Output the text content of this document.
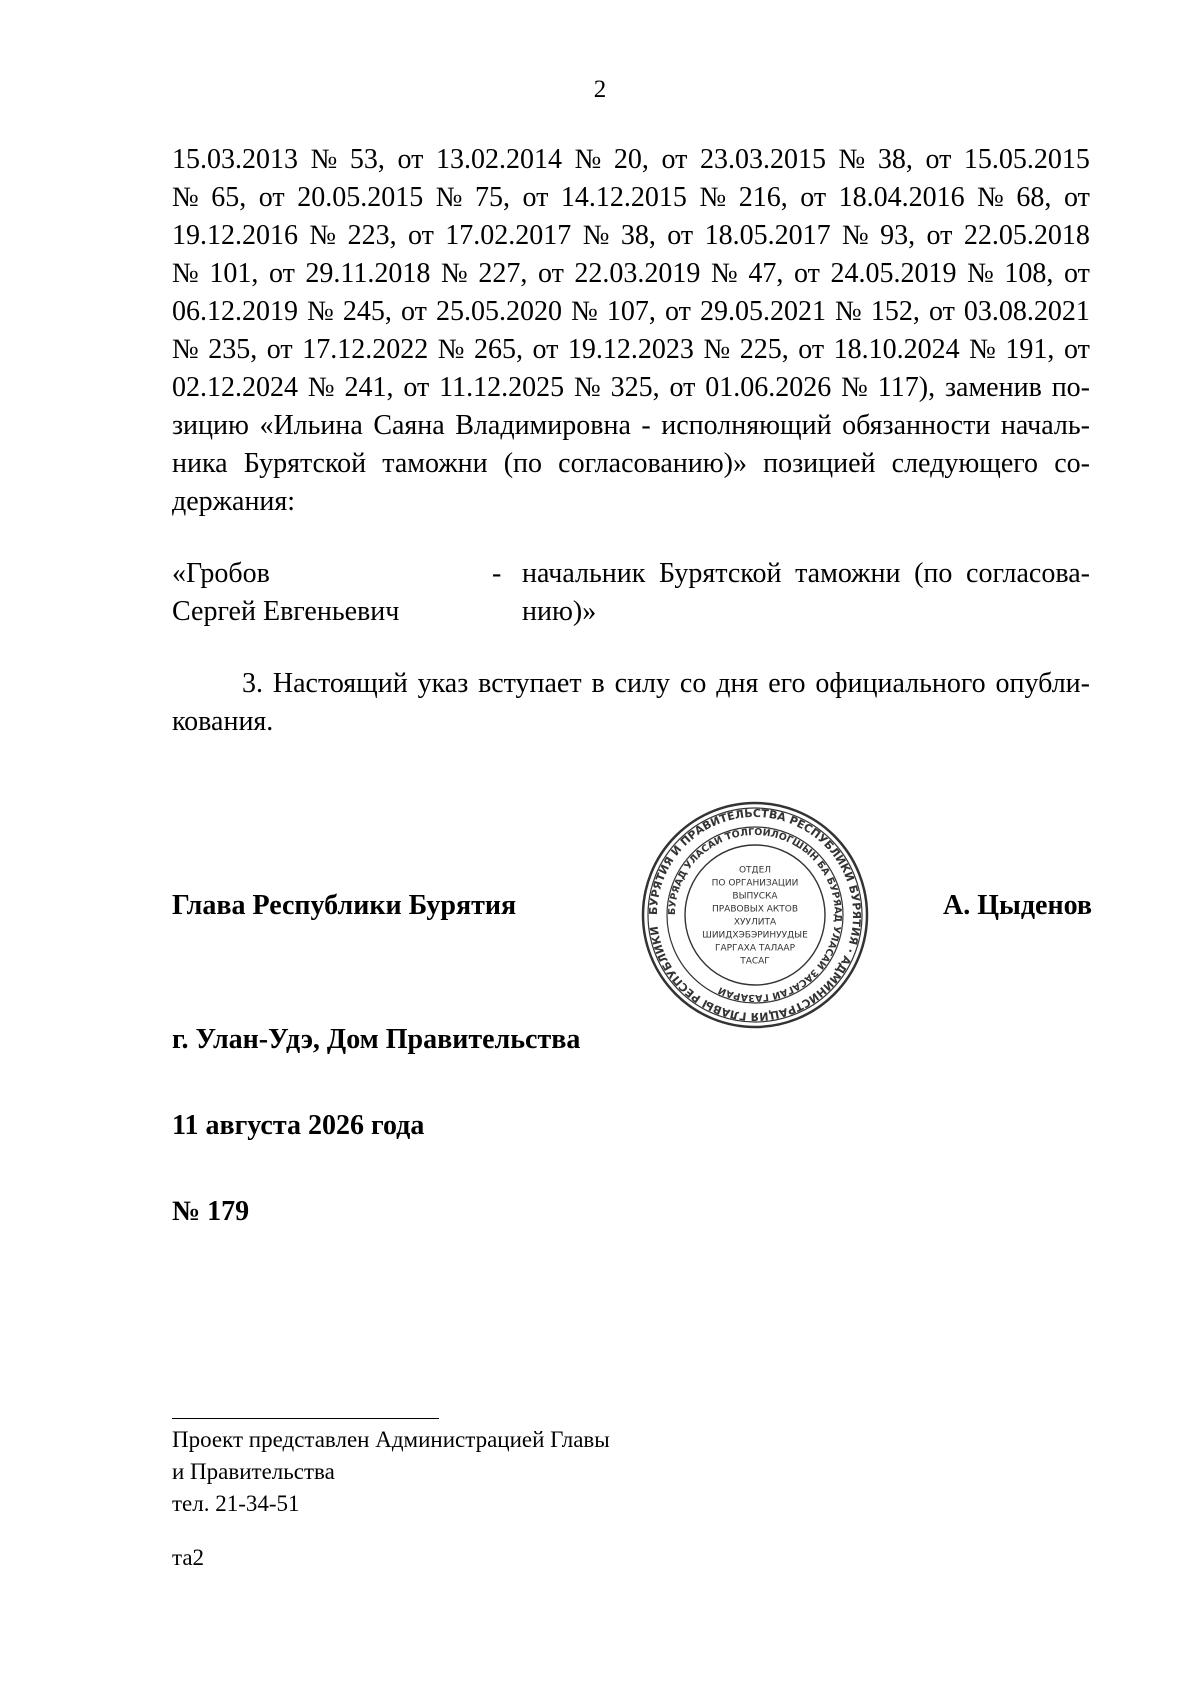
2
15.03.2013 № 53, от 13.02.2014 № 20, от 23.03.2015 № 38, от 15.05.2015
№ 65, от 20.05.2015 № 75, от 14.12.2015 № 216, от 18.04.2016 № 68, от
19.12.2016 № 223, от 17.02.2017 № 38, от 18.05.2017 № 93, от 22.05.2018
№ 101, от 29.11.2018 № 227, от 22.03.2019 № 47, от 24.05.2019 № 108, от
06.12.2019 № 245, от 25.05.2020 № 107, от 29.05.2021 № 152, от 03.08.2021
№ 235, от 17.12.2022 № 265, от 19.12.2023 № 225, от 18.10.2024 № 191, от
02.12.2024 № 241, от 11.12.2025 № 325, от 01.06.2026 № 117), заменив по-
зицию «Ильина Саяна Владимировна - исполняющий обязанности началь-
ника Бурятской таможни (по согласованию)» позицией следующего со-
держания:
«Гробов	- начальник Бурятской таможни (по согласова-
Сергей Евгеньевич	нию)»
3. Настоящий указ вступает в силу со дня его официального опубли-
кования.
Глава Республики Бурятия	А. Цыденов
БУРЯТИЯ И ПРАВИТЕЛЬСТВА РЕСПУБЛИКИ БУРЯТИЯ · АДМИНИСТРАЦИЯ ГЛАВЫ РЕСПУБЛИКИ
БУРЯАД УЛАСАЙ ТОЛГОЙЛОГШЫН БА БУРЯАД УЛАСАЙ ЗАСАГАЙ ГАЗАРАЙ
ОТДЕЛ
ПО ОРГАНИЗАЦИИ
ВЫПУСКА
ПРАВОВЫХ АКТОВ
ХУУЛИТА
ШИИДХЭБЭРИНУУДЫЕ
ГАРГАХА ТАЛААР
ТАСАГ
г. Улан-Удэ, Дом Правительства
11 августа 2026 года
№ 179
Проект представлен Администрацией Главы
и Правительства
тел. 21-34-51
та2
